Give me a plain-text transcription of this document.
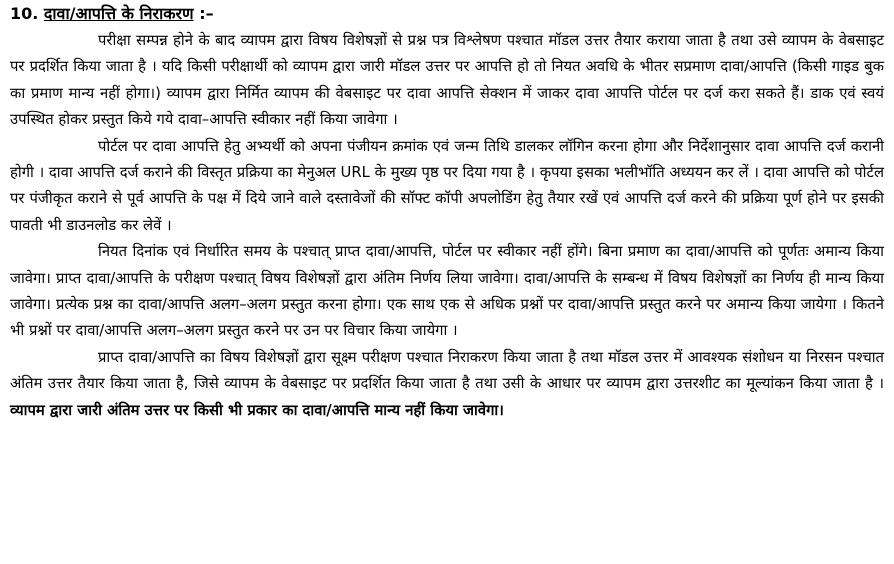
10. दावा/आपत्ति के निराकरण :–

परीक्षा सम्पन्न होने के बाद व्यापम द्वारा विषय विशेषज्ञों से प्रश्न पत्र विश्लेषण पश्चात मॉडल उत्तर तैयार कराया जाता है तथा उसे व्यापम के वेबसाइट पर प्रदर्शित किया जाता है । यदि किसी परीक्षार्थी को व्यापम द्वारा जारी मॉडल उत्तर पर आपत्ति हो तो नियत अवधि के भीतर सप्रमाण दावा/आपत्ति (किसी गाइड बुक का प्रमाण मान्य नहीं होगा।) व्यापम द्वारा निर्मित व्यापम की वेबसाइट पर दावा आपत्ति सेक्शन में जाकर दावा आपत्ति पोर्टल पर दर्ज करा सकते हैं। डाक एवं स्वयं उपस्थित होकर प्रस्तुत किये गये दावा–आपत्ति स्वीकार नहीं किया जावेगा ।

पोर्टल पर दावा आपत्ति हेतु अभ्यर्थी को अपना पंजीयन क्रमांक एवं जन्म तिथि डालकर लॉगिन करना होगा और निर्देशानुसार दावा आपत्ति दर्ज करानी होगी । दावा आपत्ति दर्ज कराने की विस्तृत प्रक्रिया का मेनुअल URL के मुख्य पृष्ठ पर दिया गया है । कृपया इसका भलीभॉति अध्ययन कर लें । दावा आपत्ति को पोर्टल पर पंजीकृत कराने से पूर्व आपत्ति के पक्ष में दिये जाने वाले दस्तावेजों की सॉफ्ट कॉपी अपलोडिंग हेतु तैयार रखें एवं आपत्ति दर्ज करने की प्रक्रिया पूर्ण होने पर इसकी पावती भी डाउनलोड कर लेवें ।

नियत दिनांक एवं निर्धारित समय के पश्चात् प्राप्त दावा/आपत्ति, पोर्टल पर स्वीकार नहीं होंगे। बिना प्रमाण का दावा/आपत्ति को पूर्णतः अमान्य किया जावेगा। प्राप्त दावा/आपत्ति के परीक्षण पश्चात् विषय विशेषज्ञों द्वारा अंतिम निर्णय लिया जावेगा। दावा/आपत्ति के सम्बन्ध में विषय विशेषज्ञों का निर्णय ही मान्य किया जावेगा। प्रत्येक प्रश्न का दावा/आपत्ति अलग–अलग प्रस्तुत करना होगा। एक साथ एक से अधिक प्रश्नों पर दावा/आपत्ति प्रस्तुत करने पर अमान्य किया जायेगा । कितने भी प्रश्नों पर दावा/आपत्ति अलग–अलग प्रस्तुत करने पर उन पर विचार किया जायेगा ।

प्राप्त दावा/आपत्ति का विषय विशेषज्ञों द्वारा सूक्ष्म परीक्षण पश्चात निराकरण किया जाता है तथा मॉडल उत्तर में आवश्यक संशोधन या निरसन पश्चात अंतिम उत्तर तैयार किया जाता है, जिसे व्यापम के वेबसाइट पर प्रदर्शित किया जाता है तथा उसी के आधार पर व्यापम द्वारा उत्तरशीट का मूल्यांकन किया जाता है । व्यापम द्वारा जारी अंतिम उत्तर पर किसी भी प्रकार का दावा/आपत्ति मान्य नहीं किया जावेगा।
